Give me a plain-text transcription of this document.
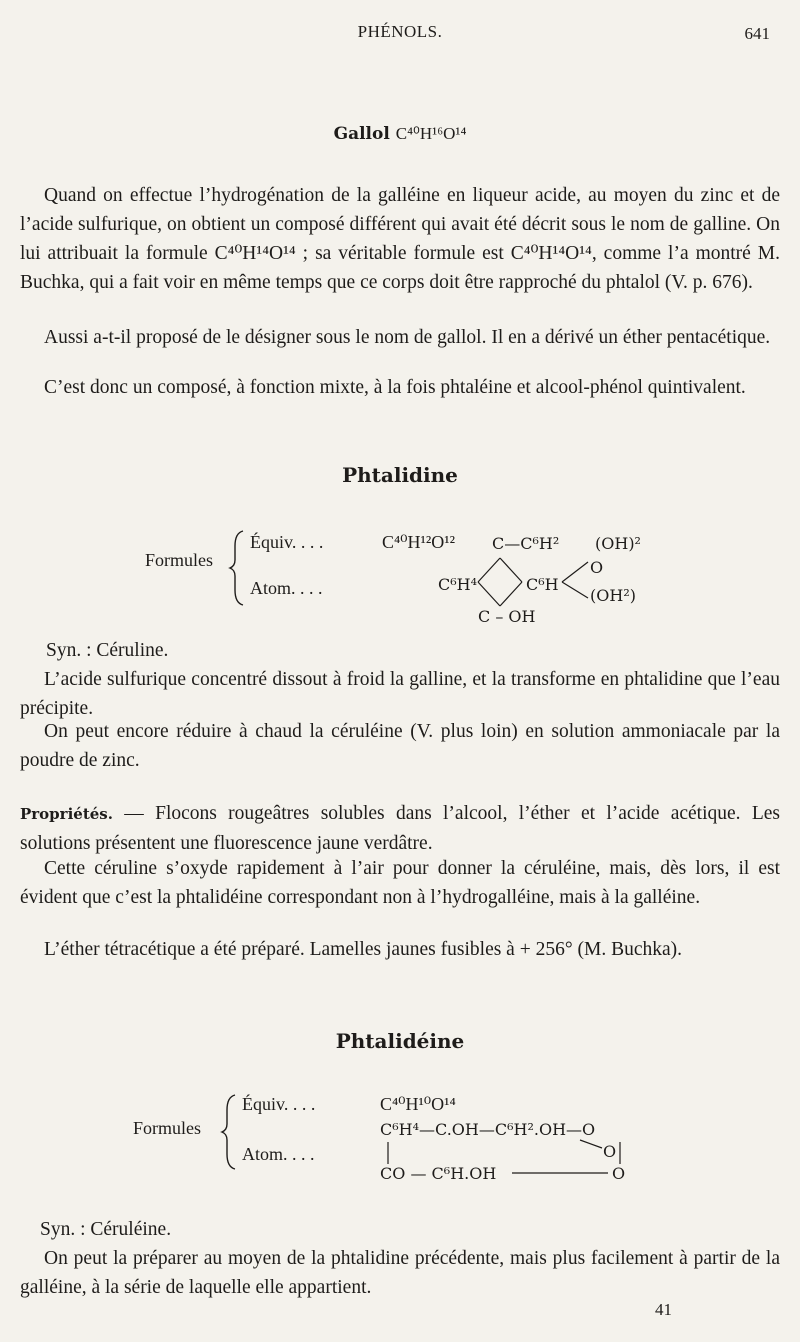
PHÉNOLS.	641
Gallol C⁴⁰H¹⁶O¹⁴

Quand on effectue l’hydrogénation de la galléine en liqueur acide, au moyen du zinc et de l’acide sulfurique, on obtient un composé différent qui avait été décrit sous le nom de galline. On lui attribuait la formule C⁴⁰H¹⁴O¹⁴ ; sa véritable formule est C⁴⁰H¹⁴O¹⁴, comme l’a montré M. Buchka, qui a fait voir en même temps que ce corps doit être rapproché du phtalol (V. p. 676).

Aussi a-t-il proposé de le désigner sous le nom de gallol. Il en a dérivé un éther pentacétique.

C’est donc un composé, à fonction mixte, à la fois phtaléine et alcool-phénol quintivalent.

Phtalidine
Formules
Équiv. . . .	C⁴⁰H¹²O¹²
Atom. . . .
C—C⁶H² (OH)²
C⁶H⁴	C⁶H
O
(OH²)
C – OH

Syn. : Céruline.

L’acide sulfurique concentré dissout à froid la galline, et la transforme en phtalidine que l’eau précipite.

On peut encore réduire à chaud la céruléine (V. plus loin) en solution ammoniacale par la poudre de zinc.

Propriétés. — Flocons rougeâtres solubles dans l’alcool, l’éther et l’acide acétique. Les solutions présentent une fluorescence jaune verdâtre.

Cette céruline s’oxyde rapidement à l’air pour donner la céruléine, mais, dès lors, il est évident que c’est la phtalidéine correspondant non à l’hydrogalléine, mais à la galléine.

L’éther tétracétique a été préparé. Lamelles jaunes fusibles à + 256° (M. Buchka).

Phtalidéine
Formules
Équiv. . . .	C⁴⁰H¹⁰O¹⁴
Atom. . . .
C⁶H⁴—C.OH—C⁶H².OH—O
O
CO — C⁶H.OH	O

Syn. : Céruléine.

On peut la préparer au moyen de la phtalidine précédente, mais plus facilement à partir de la galléine, à la série de laquelle elle appartient.

41
